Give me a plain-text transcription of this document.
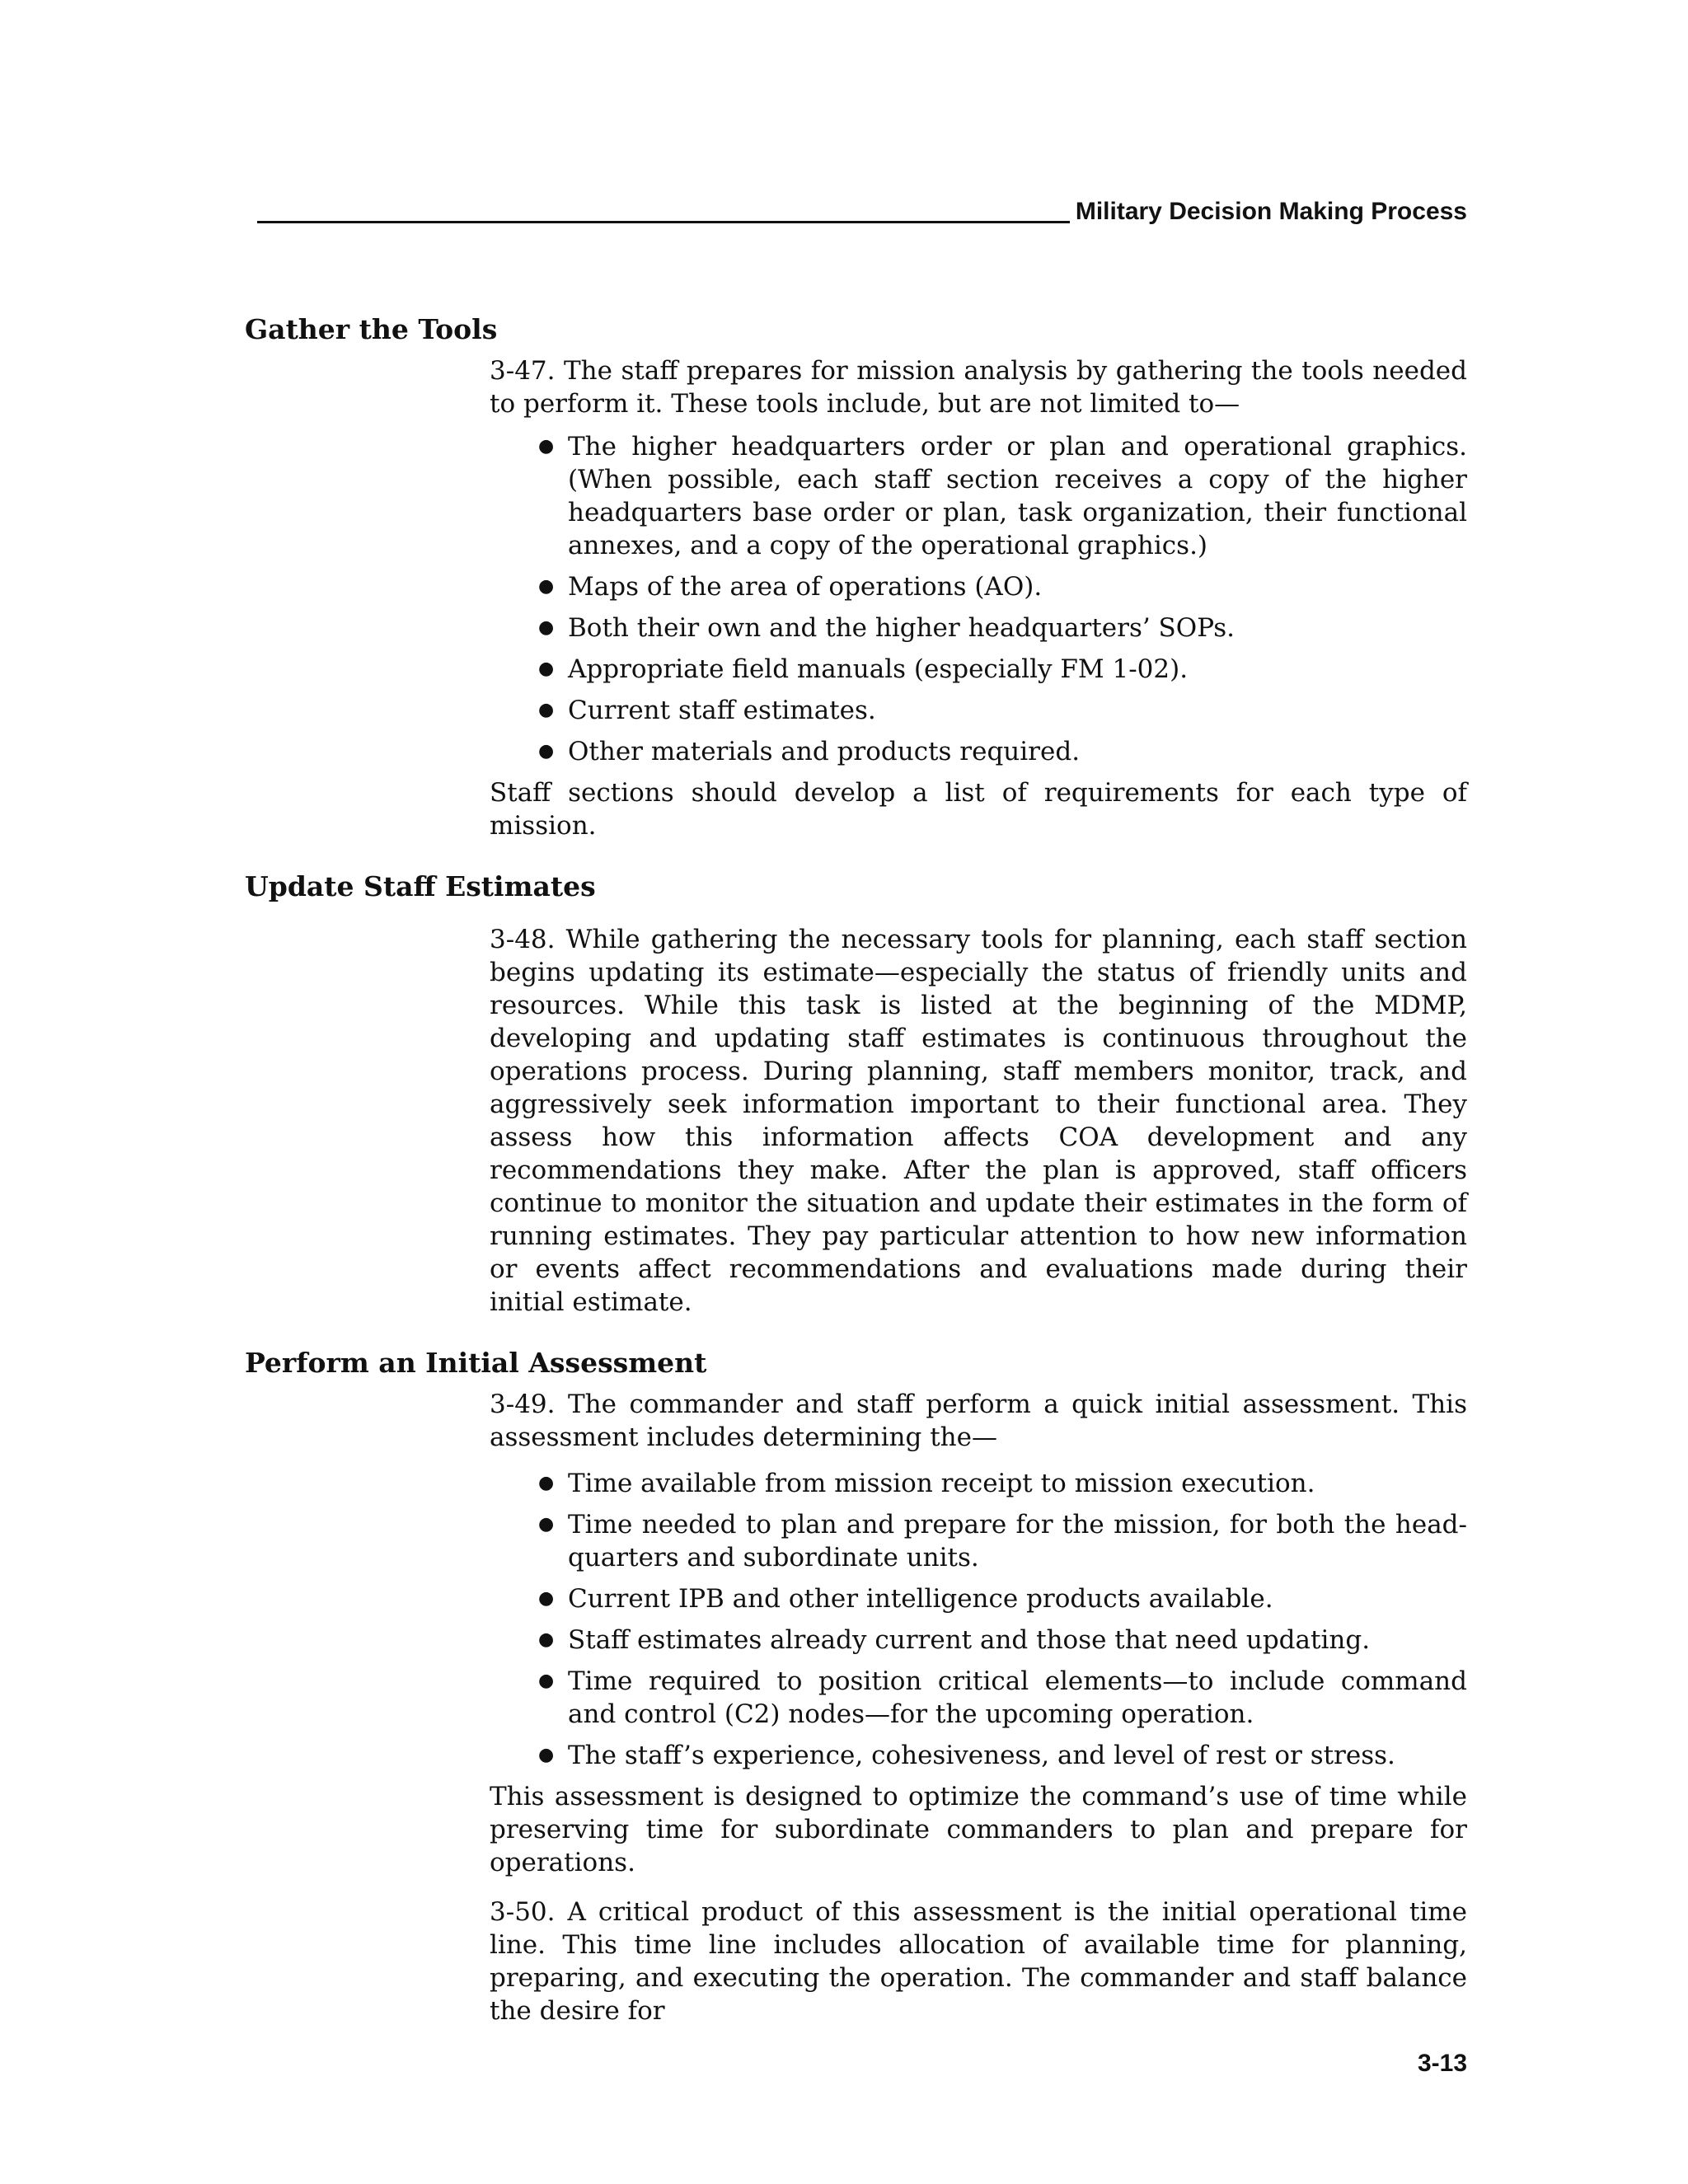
Military Decision Making Process
Gather the Tools

3-47. The staff prepares for mission analysis by gathering the tools needed to perform it. These tools include, but are not limited to—

● The higher headquarters order or plan and operational graphics. (When possible, each staff section receives a copy of the higher headquarters base order or plan, task organization, their functional annexes, and a copy of the operational graphics.)
● Maps of the area of operations (AO).
● Both their own and the higher headquarters’ SOPs.
● Appropriate field manuals (especially FM 1-02).
● Current staff estimates.
● Other materials and products required.

Staff sections should develop a list of requirements for each type of mission.

Update Staff Estimates

3-48. While gathering the necessary tools for planning, each staff section begins updating its estimate—especially the status of friendly units and resources. While this task is listed at the beginning of the MDMP, developing and updating staff estimates is continuous throughout the operations process. During planning, staff members monitor, track, and aggressively seek information important to their functional area. They assess how this information affects COA development and any recommendations they make. After the plan is approved, staff officers continue to monitor the situation and update their estimates in the form of running estimates. They pay particular attention to how new information or events affect recommendations and evaluations made during their initial estimate.

Perform an Initial Assessment

3-49. The commander and staff perform a quick initial assessment. This assessment includes determining the—

● Time available from mission receipt to mission execution.
● Time needed to plan and prepare for the mission, for both the head-quarters and subordinate units.
● Current IPB and other intelligence products available.
● Staff estimates already current and those that need updating.
● Time required to position critical elements—to include command and control (C2) nodes—for the upcoming operation.
● The staff’s experience, cohesiveness, and level of rest or stress.

This assessment is designed to optimize the command’s use of time while preserving time for subordinate commanders to plan and prepare for operations.

3-50. A critical product of this assessment is the initial operational time line. This time line includes allocation of available time for planning, preparing, and executing the operation. The commander and staff balance the desire for

3-13
